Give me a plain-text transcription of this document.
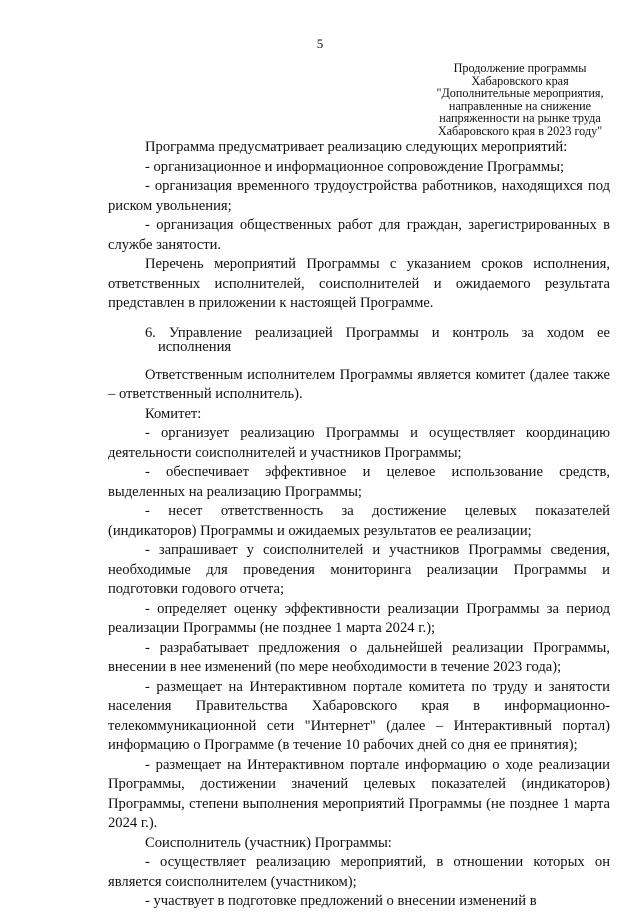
5
Продолжение программы
Хабаровского края
"Дополнительные мероприятия,
направленные на снижение
напряженности на рынке труда
Хабаровского края в 2023 году"

Программа предусматривает реализацию следующих мероприятий:

- организационное и информационное сопровождение Программы;

- организация временного трудоустройства работников, находящихся под риском увольнения;

- организация общественных работ для граждан, зарегистрированных в службе занятости.

Перечень мероприятий Программы с указанием сроков исполнения, ответственных исполнителей, соисполнителей и ожидаемого результата представлен в приложении к настоящей Программе.

6. Управление реализацией Программы и контроль за ходом ее
исполнения

Ответственным исполнителем Программы является комитет (далее также – ответственный исполнитель).

Комитет:

- организует реализацию Программы и осуществляет координацию деятельности соисполнителей и участников Программы;

- обеспечивает эффективное и целевое использование средств, выделенных на реализацию Программы;

- несет ответственность за достижение целевых показателей (индикаторов) Программы и ожидаемых результатов ее реализации;

- запрашивает у соисполнителей и участников Программы сведения, необходимые для проведения мониторинга реализации Программы и подготовки годового отчета;

- определяет оценку эффективности реализации Программы за период реализации Программы (не позднее 1 марта 2024 г.);

- разрабатывает предложения о дальнейшей реализации Программы, внесении в нее изменений (по мере необходимости в течение 2023 года);

- размещает на Интерактивном портале комитета по труду и занятости населения Правительства Хабаровского края в информационно-телекоммуникационной сети "Интернет" (далее – Интерактивный портал) информацию о Программе (в течение 10 рабочих дней со дня ее принятия);

- размещает на Интерактивном портале информацию о ходе реализации Программы, достижении значений целевых показателей (индикаторов) Программы, степени выполнения мероприятий Программы (не позднее 1 марта 2024 г.).

Соисполнитель (участник) Программы:

- осуществляет реализацию мероприятий, в отношении которых он является соисполнителем (участником);

- участвует в подготовке предложений о внесении изменений в
